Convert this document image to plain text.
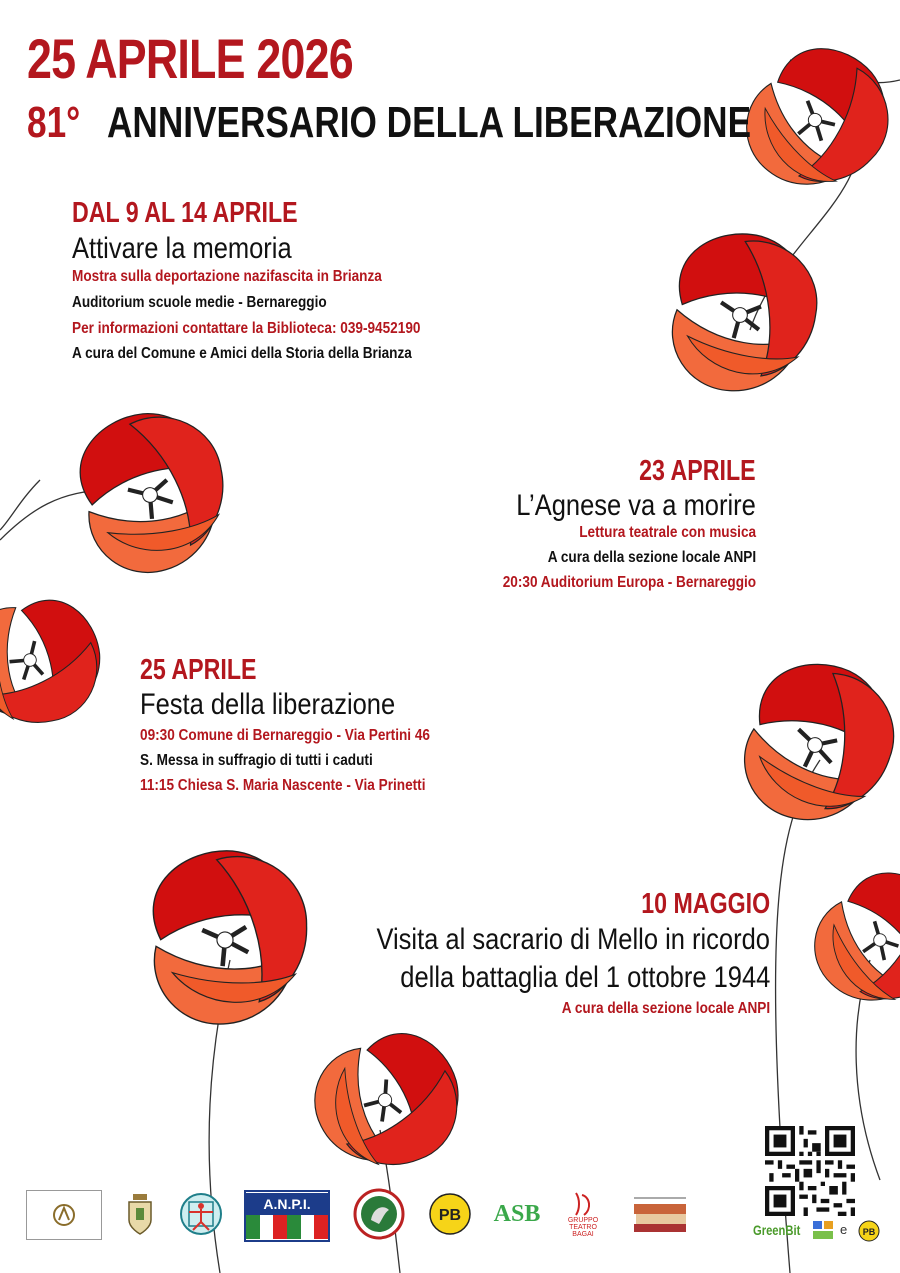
25 APRILE 2026
81° ANNIVERSARIO DELLA LIBERAZIONE
DAL 9 AL 14 APRILE
Attivare la memoria
Mostra sulla deportazione nazifascita in Brianza
Auditorium scuole medie - Bernareggio
Per informazioni contattare la Biblioteca: 039-9452190
A cura del Comune e Amici della Storia della Brianza
23 APRILE
L’Agnese va a morire
Lettura teatrale con musica
A cura della sezione locale ANPI
20:30 Auditorium Europa - Bernareggio
25 APRILE
Festa della liberazione
09:30 Comune di Bernareggio - Via Pertini 46
S. Messa in suffragio di tutti i caduti
11:15 Chiesa S. Maria Nascente - Via Prinetti
10 MAGGIO
Visita al sacrario di Mello in ricordo
della battaglia del 1 ottobre 1944
A cura della sezione locale ANPI
A.N.P.I.
PB ASB	GRUPPO TEATRO BAGAI	GreenBit	e PB
